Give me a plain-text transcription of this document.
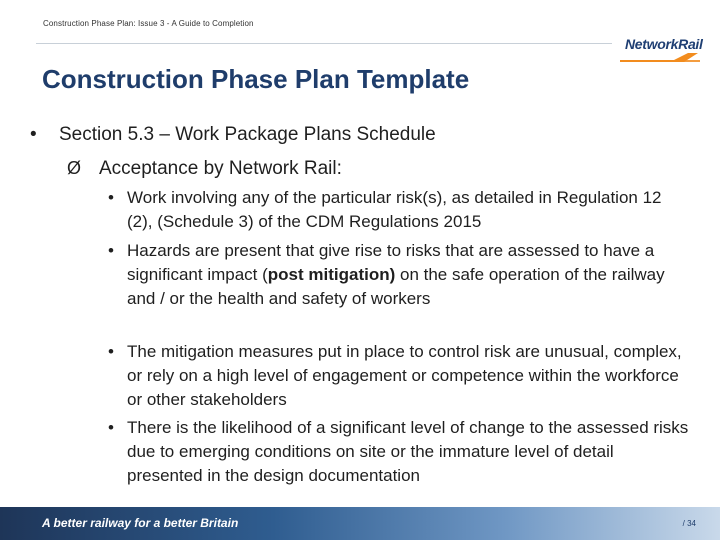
Construction Phase Plan: Issue 3 - A Guide to Completion
NetworkRail
Construction Phase Plan Template
• Section 5.3 – Work Package Plans Schedule
Ø Acceptance by Network Rail:
• Work involving any of the particular risk(s), as detailed in Regulation 12 (2), (Schedule 3) of the CDM Regulations 2015
• Hazards are present that give rise to risks that are assessed to have a significant impact (post mitigation) on the safe operation of the railway and / or the health and safety of workers
• The mitigation measures put in place to control risk are unusual, complex, or rely on a high level of engagement or competence within the workforce or other stakeholders
• There is the likelihood of a significant level of change to the assessed risks due to emerging conditions on site or the immature level of detail presented in the design documentation
A better railway for a better Britain	/ 34
